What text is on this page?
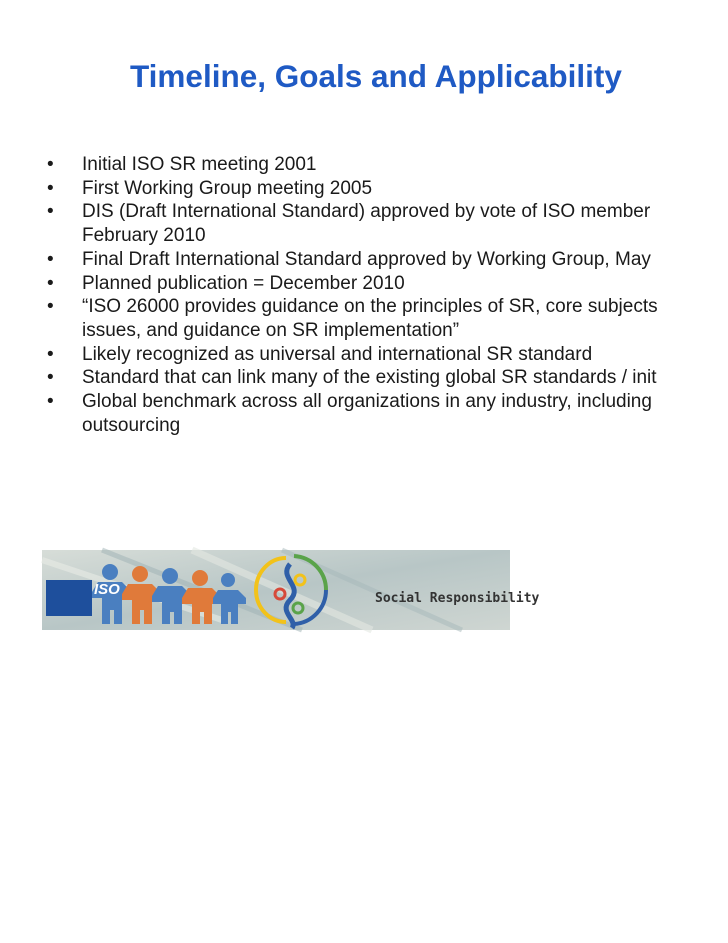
Timeline, Goals and Applicability
• Initial ISO SR meeting 2001
• First Working Group meeting 2005
• DIS (Draft International Standard) approved by vote of ISO member
February 2010
• Final Draft International Standard approved by Working Group, May
• Planned publication = December 2010
• “ISO 26000 provides guidance on the principles of SR, core subjects
issues, and guidance on SR implementation”
• Likely recognized as universal and international SR standard
• Standard that can link many of the existing global SR standards / init
• Global benchmark across all organizations in any industry, including
outsourcing
ISO
Social Responsibility
